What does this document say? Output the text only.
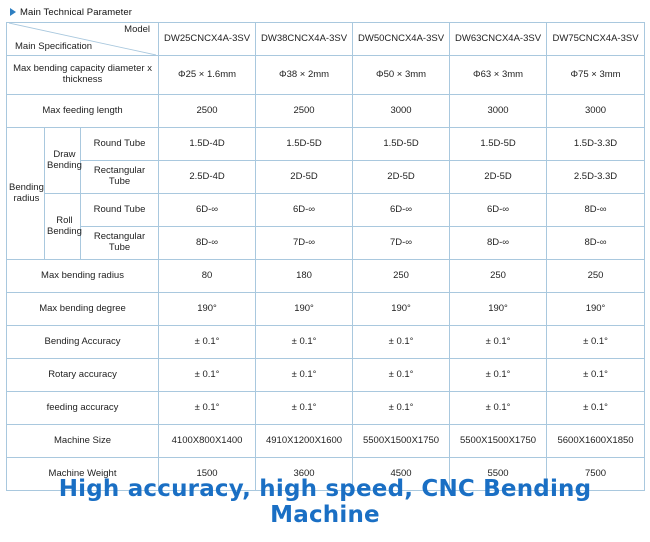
Main Technical Parameter
Model
Main Specification			DW25CNCX4A-3SV	DW38CNCX4A-3SV	DW50CNCX4A-3SV	DW63CNCX4A-3SV	DW75CNCX4A-3SV
Max bending capacity diameter x thickness			Φ25 × 1.6mm	Φ38 × 2mm	Φ50 × 3mm	Φ63 × 3mm	Φ75 × 3mm
Max feeding length			2500	2500	3000	3000	3000
Bending radius	Draw Bending	Round Tube	1.5D-4D	1.5D-5D	1.5D-5D	1.5D-5D	1.5D-3.3D
		Rectangular Tube	2.5D-4D	2D-5D	2D-5D	2D-5D	2.5D-3.3D
	Roll Bending	Round Tube	6D-∞	6D-∞	6D-∞	6D-∞	8D-∞
		Rectangular Tube	8D-∞	7D-∞	7D-∞	8D-∞	8D-∞
Max bending radius			80	180	250	250	250
Max bending degree			190°	190°	190°	190°	190°
Bending Accuracy			± 0.1°	± 0.1°	± 0.1°	± 0.1°	± 0.1°
Rotary accuracy			± 0.1°	± 0.1°	± 0.1°	± 0.1°	± 0.1°
feeding accuracy			± 0.1°	± 0.1°	± 0.1°	± 0.1°	± 0.1°
Machine Size			4100X800X1400	4910X1200X1600	5500X1500X1750	5500X1500X1750	5600X1600X1850
Machine Weight			1500	3600	4500	5500	7500
High accuracy, high speed, CNC Bending Machine
